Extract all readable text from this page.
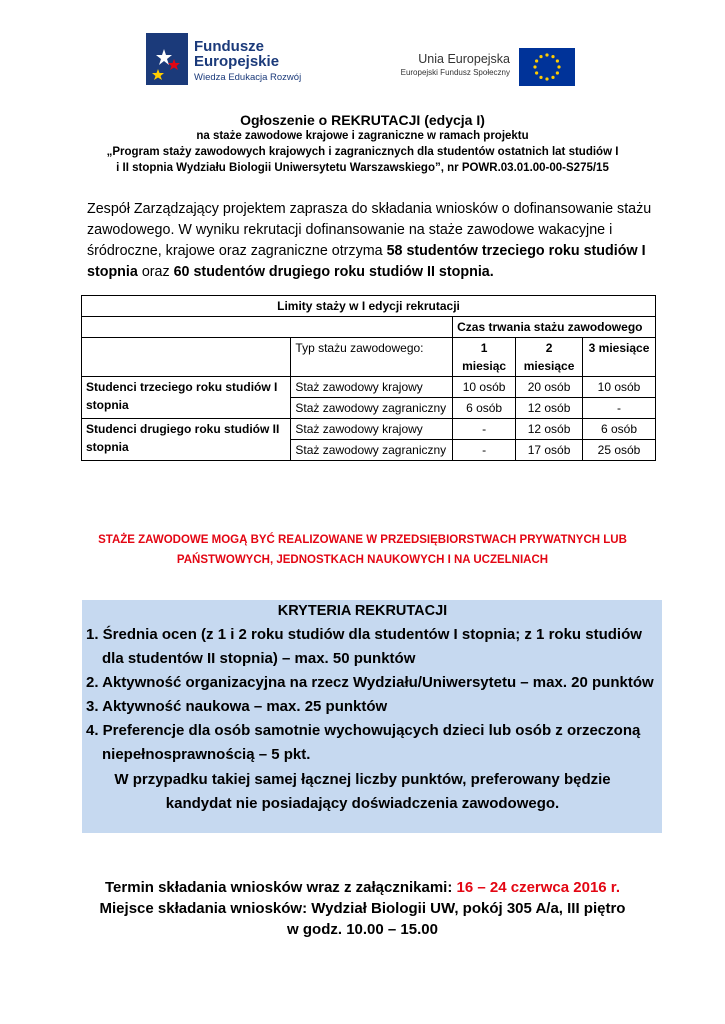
Fundusze
Europejskie
Wiedza Edukacja Rozwój
Unia Europejska
Europejski Fundusz Społeczny
Ogłoszenie o REKRUTACJI (edycja I)
na staże zawodowe krajowe i zagraniczne w ramach projektu
„Program staży zawodowych krajowych i zagranicznych dla studentów ostatnich lat studiów I
i II stopnia Wydziału Biologii Uniwersytetu Warszawskiego”, nr POWR.03.01.00-00-S275/15
Zespół Zarządzający projektem zaprasza do składania wniosków o dofinansowanie stażu zawodowego. W wyniku rekrutacji dofinansowanie na staże zawodowe wakacyjne i śródroczne, krajowe oraz zagraniczne otrzyma 58 studentów trzeciego roku studiów I stopnia oraz 60 studentów drugiego roku studiów II stopnia.
Limity staży w I edycji rekrutacji				
		Czas trwania stażu zawodowego		
	Typ stażu zawodowego:	1 miesiąc	2 miesiące	3 miesiące
Studenci trzeciego roku studiów I stopnia	Staż zawodowy krajowy	10 osób	20 osób	10 osób
	Staż zawodowy zagraniczny	6 osób	12 osób	-
Studenci drugiego roku studiów II stopnia	Staż zawodowy krajowy	-	12 osób	6 osób
	Staż zawodowy zagraniczny	-	17 osób	25 osób
STAŻE ZAWODOWE MOGĄ BYĆ REALIZOWANE W PRZEDSIĘBIORSTWACH PRYWATNYCH LUB
PAŃSTWOWYCH, JEDNOSTKACH NAUKOWYCH I NA UCZELNIACH
KRYTERIA REKRUTACJI
1. Średnia ocen (z 1 i 2 roku studiów dla studentów I stopnia; z 1 roku studiów dla studentów II stopnia) – max. 50 punktów
2. Aktywność organizacyjna na rzecz Wydziału/Uniwersytetu – max. 20 punktów
3. Aktywność naukowa – max. 25 punktów
4. Preferencje dla osób samotnie wychowujących dzieci lub osób z orzeczoną niepełnosprawnością – 5 pkt.
W przypadku takiej samej łącznej liczby punktów, preferowany będzie
kandydat nie posiadający doświadczenia zawodowego.
Termin składania wniosków wraz z załącznikami: 16 – 24 czerwca 2016 r.
Miejsce składania wniosków: Wydział Biologii UW, pokój 305 A/a, III piętro
w godz. 10.00 – 15.00
